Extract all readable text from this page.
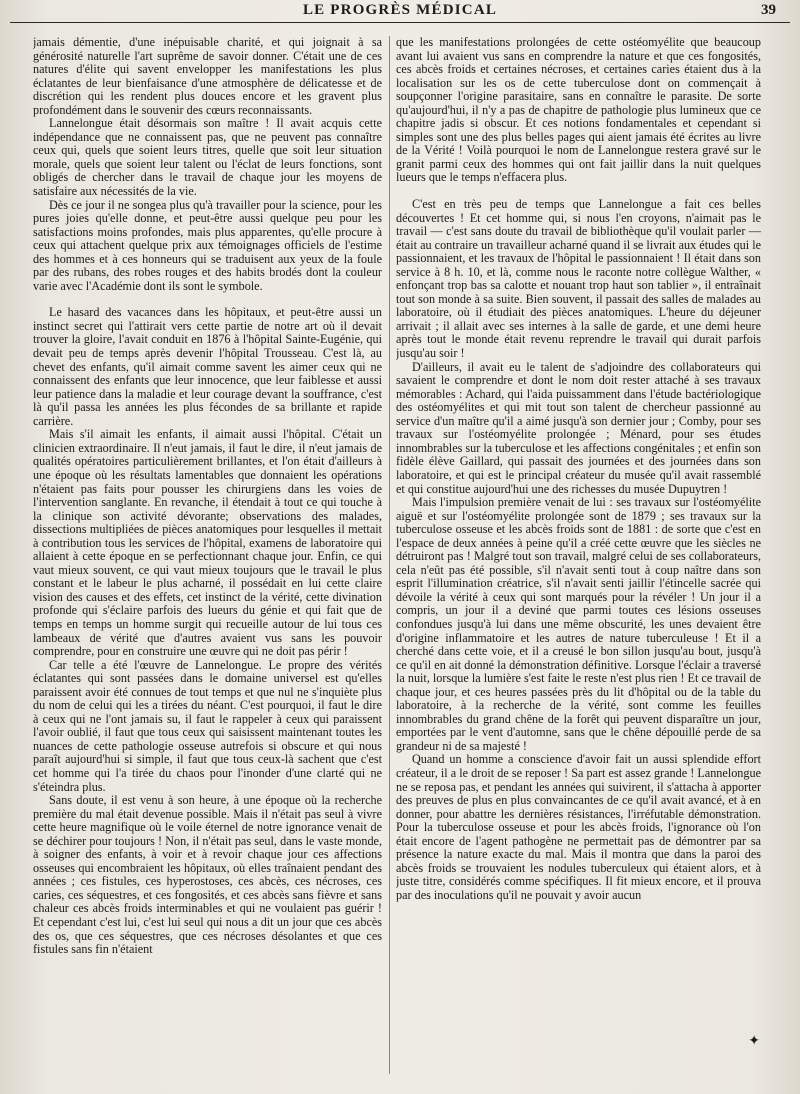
LE PROGRÈS MÉDICAL	39

jamais démentie, d'une inépuisable charité, et qui joignait à sa générosité naturelle l'art suprême de savoir donner. C'était une de ces natures d'élite qui savent envelopper les manifestations les plus éclatantes de leur bienfaisance d'une atmosphère de délicatesse et de discrétion qui les rendent plus douces encore et les gravent plus profondément dans le souvenir des cœurs reconnaissants.

Lannelongue était désormais son maître ! Il avait acquis cette indépendance que ne connaissent pas, que ne peuvent pas connaître ceux qui, quels que soient leurs titres, quelle que soit leur situation morale, quels que soient leur talent ou l'éclat de leurs fonctions, sont obligés de chercher dans le travail de chaque jour les moyens de satisfaire aux nécessités de la vie.

Dès ce jour il ne songea plus qu'à travailler pour la science, pour les pures joies qu'elle donne, et peut-être aussi quelque peu pour les satisfactions moins profondes, mais plus apparentes, qu'elle procure à ceux qui attachent quelque prix aux témoignages officiels de l'estime des hommes et à ces honneurs qui se traduisent aux yeux de la foule par des rubans, des robes rouges et des habits brodés dont la couleur varie avec l'Académie dont ils sont le symbole.

Le hasard des vacances dans les hôpitaux, et peut-être aussi un instinct secret qui l'attirait vers cette partie de notre art où il devait trouver la gloire, l'avait conduit en 1876 à l'hôpital Sainte-Eugénie, qui devait peu de temps après devenir l'hôpital Trousseau. C'est là, au chevet des enfants, qu'il aimait comme savent les aimer ceux qui ne connaissent des enfants que leur innocence, que leur faiblesse et aussi leur patience dans la maladie et leur courage devant la souffrance, c'est là qu'il passa les années les plus fécondes de sa brillante et rapide carrière.

Mais s'il aimait les enfants, il aimait aussi l'hôpital. C'était un clinicien extraordinaire. Il n'eut jamais, il faut le dire, il n'eut jamais de qualités opératoires particulièrement brillantes, et l'on était d'ailleurs à une époque où les résultats lamentables que donnaient les opérations n'étaient pas faits pour pousser les chirurgiens dans les voies de l'intervention sanglante. En revanche, il étendait à tout ce qui touche à la clinique son activité dévorante; observations des malades, dissections multipliées de pièces anatomiques pour lesquelles il mettait à contribution tous les services de l'hôpital, examens de laboratoire qui allaient à cette époque en se perfectionnant chaque jour. Enfin, ce qui vaut mieux souvent, ce qui vaut mieux toujours que le travail le plus constant et le labeur le plus acharné, il possédait en lui cette claire vision des causes et des effets, cet instinct de la vérité, cette divination profonde qui s'éclaire parfois des lueurs du génie et qui fait que de temps en temps un homme surgit qui recueille autour de lui tous ces lambeaux de vérité que d'autres avaient vus sans les pouvoir comprendre, pour en construire une œuvre qui ne doit pas périr !

Car telle a été l'œuvre de Lannelongue. Le propre des vérités éclatantes qui sont passées dans le domaine universel est qu'elles paraissent avoir été connues de tout temps et que nul ne s'inquiète plus du nom de celui qui les a tirées du néant. C'est pourquoi, il faut le dire à ceux qui ne l'ont jamais su, il faut le rappeler à ceux qui paraissent l'avoir oublié, il faut que tous ceux qui saisissent maintenant toutes les nuances de cette pathologie osseuse autrefois si obscure et qui nous paraît aujourd'hui si simple, il faut que tous ceux-là sachent que c'est cet homme qui l'a tirée du chaos pour l'inonder d'une clarté qui ne s'éteindra plus.

Sans doute, il est venu à son heure, à une époque où la recherche première du mal était devenue possible. Mais il n'était pas seul à vivre cette heure magnifique où le voile éternel de notre ignorance venait de se déchirer pour toujours ! Non, il n'était pas seul, dans le vaste monde, à soigner des enfants, à voir et à revoir chaque jour ces affections osseuses qui encombraient les hôpitaux, où elles traînaient pendant des années ; ces fistules, ces hyperostoses, ces abcès, ces nécroses, ces caries, ces séquestres, et ces fongosités, et ces abcès sans fièvre et sans chaleur ces abcès froids interminables et qui ne voulaient pas guérir ! Et cependant c'est lui, c'est lui seul qui nous a dit un jour que ces abcès des os, que ces séquestres, que ces nécroses désolantes et que ces fistules sans fin n'étaient

que les manifestations prolongées de cette ostéomyélite que beaucoup avant lui avaient vus sans en comprendre la nature et que ces fongosités, ces abcès froids et certaines nécroses, et certaines caries étaient dus à la localisation sur les os de cette tuberculose dont on commençait à soupçonner l'origine parasitaire, sans en connaître le parasite. De sorte qu'aujourd'hui, il n'y a pas de chapitre de pathologie plus lumineux que ce chapitre jadis si obscur. Et ces notions fondamentales et cependant si simples sont une des plus belles pages qui aient jamais été écrites au livre de la Vérité ! Voilà pourquoi le nom de Lannelongue restera gravé sur le granit parmi ceux des hommes qui ont fait jaillir dans la nuit quelques lueurs que le temps n'effacera plus.

C'est en très peu de temps que Lannelongue a fait ces belles découvertes ! Et cet homme qui, si nous l'en croyons, n'aimait pas le travail — c'est sans doute du travail de bibliothèque qu'il voulait parler — était au contraire un travailleur acharné quand il se livrait aux études qui le passionnaient, et les travaux de l'hôpital le passionnaient ! Il était dans son service à 8 h. 10, et là, comme nous le raconte notre collègue Walther, « enfonçant trop bas sa calotte et nouant trop haut son tablier », il entraînait tout son monde à sa suite. Bien souvent, il passait des salles de malades au laboratoire, où il étudiait des pièces anatomiques. L'heure du déjeuner arrivait ; il allait avec ses internes à la salle de garde, et une demi heure après tout le monde était revenu reprendre le travail qui durait parfois jusqu'au soir !

D'ailleurs, il avait eu le talent de s'adjoindre des collaborateurs qui savaient le comprendre et dont le nom doit rester attaché à ses travaux mémorables : Achard, qui l'aida puissamment dans l'étude bactériologique des ostéomyélites et qui mit tout son talent de chercheur passionné au service d'un maître qu'il a aimé jusqu'à son dernier jour ; Comby, pour ses travaux sur l'ostéomyélite prolongée ; Ménard, pour ses études innombrables sur la tuberculose et les affections congénitales ; et enfin son fidèle élève Gaillard, qui passait des journées et des journées dans son laboratoire, et qui est le principal créateur du musée qu'il avait rassemblé et qui constitue aujourd'hui une des richesses du musée Dupuytren !

Mais l'impulsion première venait de lui : ses travaux sur l'ostéomyélite aiguë et sur l'ostéomyélite prolongée sont de 1879 ; ses travaux sur la tuberculose osseuse et les abcès froids sont de 1881 : de sorte que c'est en l'espace de deux années à peine qu'il a créé cette œuvre que les siècles ne détruiront pas ! Malgré tout son travail, malgré celui de ses collaborateurs, cela n'eût pas été possible, s'il n'avait senti tout à coup naître dans son esprit l'illumination créatrice, s'il n'avait senti jaillir l'étincelle sacrée qui dévoile la vérité à ceux qui sont marqués pour la révéler ! Un jour il a compris, un jour il a deviné que parmi toutes ces lésions osseuses confondues jusqu'à lui dans une même obscurité, les unes devaient être d'origine inflammatoire et les autres de nature tuberculeuse ! Et il a cherché dans cette voie, et il a creusé le bon sillon jusqu'au bout, jusqu'à ce qu'il en ait donné la démonstration définitive. Lorsque l'éclair a traversé la nuit, lorsque la lumière s'est faite le reste n'est plus rien ! Et ce travail de chaque jour, et ces heures passées près du lit d'hôpital ou de la table du laboratoire, à la recherche de la vérité, sont comme les feuilles innombrables du grand chêne de la forêt qui peuvent disparaître un jour, emportées par le vent d'automne, sans que le chêne dépouillé perde de sa grandeur ni de sa majesté !

Quand un homme a conscience d'avoir fait un aussi splendide effort créateur, il a le droit de se reposer ! Sa part est assez grande ! Lannelongue ne se reposa pas, et pendant les années qui suivirent, il s'attacha à apporter des preuves de plus en plus convaincantes de ce qu'il avait avancé, et à en donner, pour abattre les dernières résistances, l'irréfutable démonstration. Pour la tuberculose osseuse et pour les abcès froids, l'ignorance où l'on était encore de l'agent pathogène ne permettait pas de démontrer par sa présence la nature exacte du mal. Mais il montra que dans la paroi des abcès froids se trouvaient les nodules tuberculeux qui étaient alors, et à juste titre, considérés comme spécifiques. Il fit mieux encore, et il prouva par des inoculations qu'il ne pouvait y avoir aucun

✦
